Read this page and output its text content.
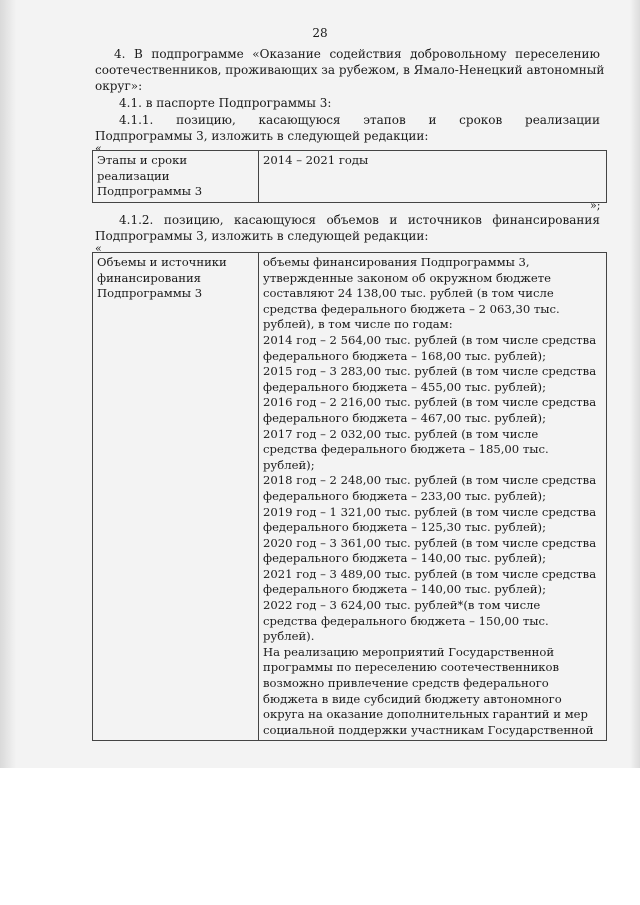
28
4. В подпрограмме «Оказание содействия добровольному переселению
соотечественников, проживающих за рубежом, в Ямало-Ненецкий автономный
округ»:
4.1. в паспорте Подпрограммы 3:
4.1.1. позицию, касающуюся этапов и сроков реализации
Подпрограммы 3, изложить в следующей редакции:
«
Этапы и сроки
реализации
Подпрограммы 3

2014 – 2021 годы
»;
4.1.2. позицию, касающуюся объемов и источников финансирования
Подпрограммы 3, изложить в следующей редакции:
«
Объемы и источники
финансирования
Подпрограммы 3

объемы финансирования Подпрограммы 3,
утвержденные законом об окружном бюджете
составляют 24 138,00 тыс. рублей (в том числе
средства федерального бюджета – 2 063,30 тыс.
рублей), в том числе по годам:
2014 год – 2 564,00 тыс. рублей (в том числе средства
федерального бюджета – 168,00 тыс. рублей);
2015 год – 3 283,00 тыс. рублей (в том числе средства
федерального бюджета – 455,00 тыс. рублей);
2016 год – 2 216,00 тыс. рублей (в том числе средства
федерального бюджета – 467,00 тыс. рублей);
2017 год – 2 032,00 тыс. рублей (в том числе
средства федерального бюджета – 185,00 тыс.
рублей);
2018 год – 2 248,00 тыс. рублей (в том числе средства
федерального бюджета – 233,00 тыс. рублей);
2019 год – 1 321,00 тыс. рублей (в том числе средства
федерального бюджета – 125,30 тыс. рублей);
2020 год – 3 361,00 тыс. рублей (в том числе средства
федерального бюджета – 140,00 тыс. рублей);
2021 год – 3 489,00 тыс. рублей (в том числе средства
федерального бюджета – 140,00 тыс. рублей);
2022 год – 3 624,00 тыс. рублей*(в том числе
средства федерального бюджета – 150,00 тыс.
рублей).
На реализацию мероприятий Государственной
программы по переселению соотечественников
возможно привлечение средств федерального
бюджета в виде субсидий бюджету автономного
округа на оказание дополнительных гарантий и мер
социальной поддержки участникам Государственной
